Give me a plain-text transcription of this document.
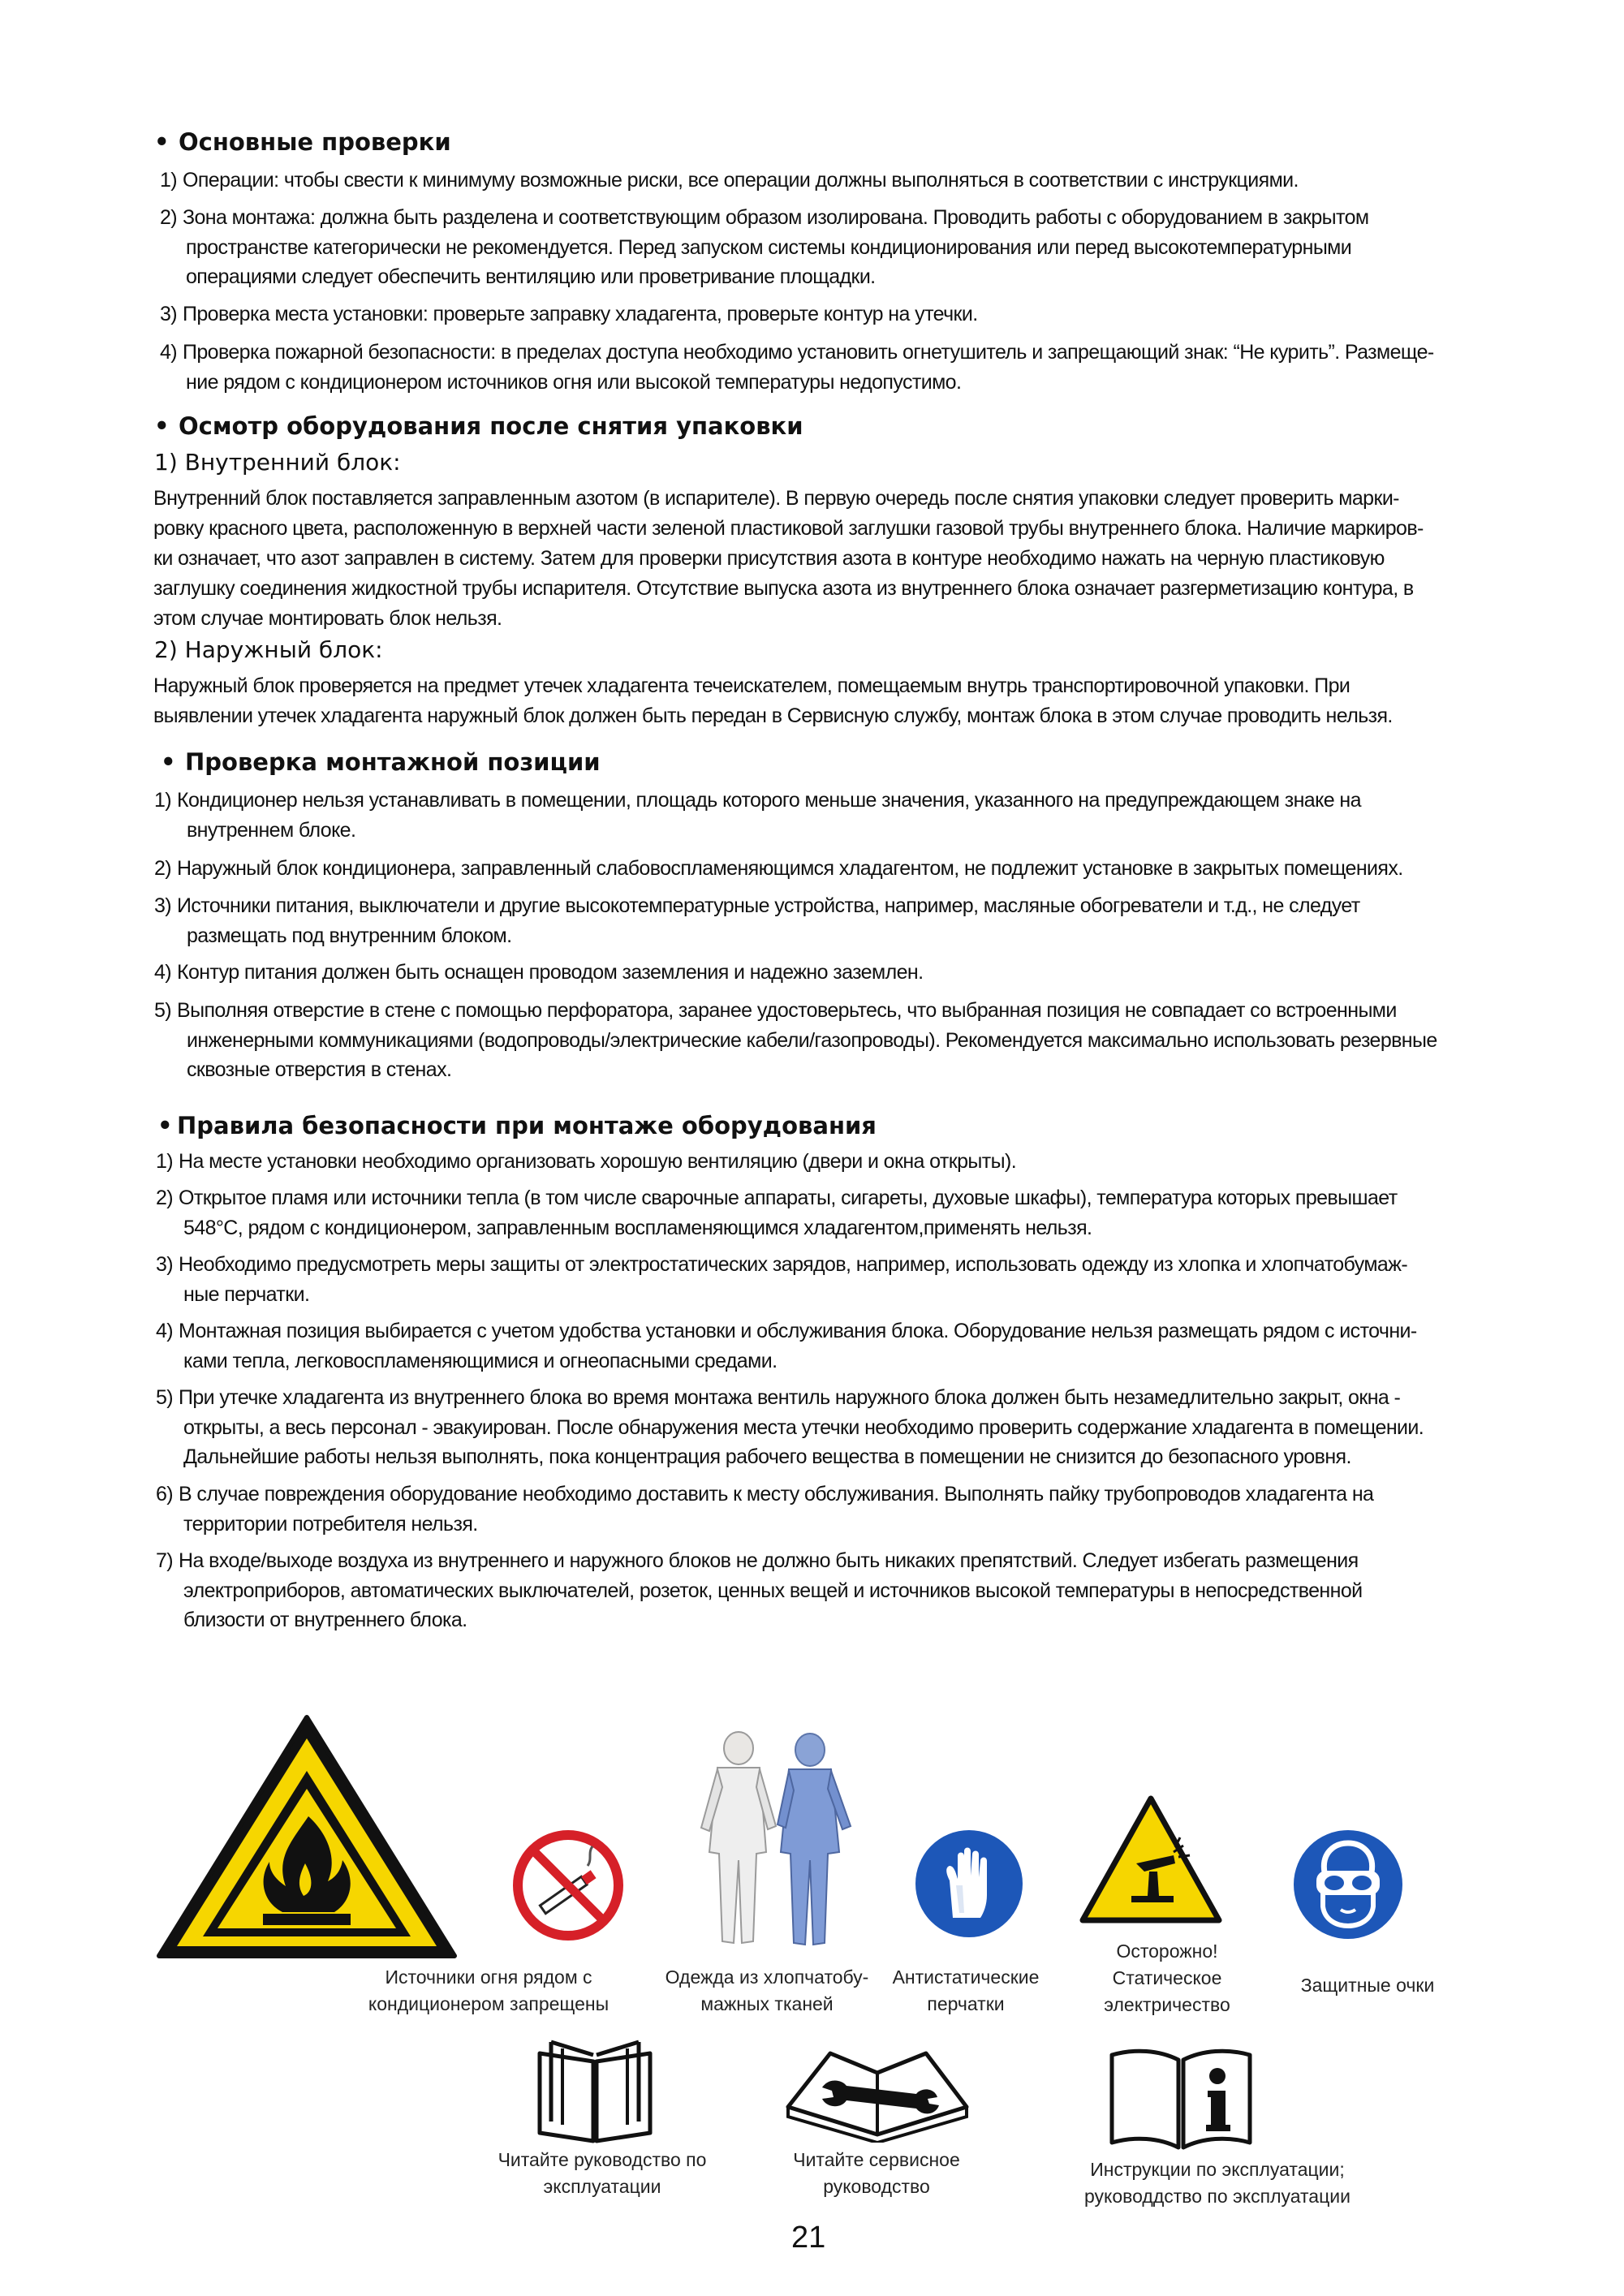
• Основные проверки
1) Операции: чтобы свести к минимуму возможные риски, все операции должны выполняться в соответствии с инструкциями.
2) Зона монтажа: должна быть разделена и соответствующим образом изолирована. Проводить работы с оборудованием в закрытом
пространстве категорически не рекомендуется. Перед запуском системы кондиционирования или перед высокотемпературными
операциями следует обеспечить вентиляцию или проветривание площадки.
3) Проверка места установки: проверьте заправку хладагента, проверьте контур на утечки.
4) Проверка пожарной безопасности: в пределах доступа необходимо установить огнетушитель и запрещающий знак: “Не курить”. Размеще-
ние рядом с кондиционером источников огня или высокой температуры недопустимо.
• Осмотр оборудования после снятия упаковки
1) Внутренний блок:
Внутренний блок поставляется заправленным азотом (в испарителе). В первую очередь после снятия упаковки следует проверить марки-
ровку красного цвета, расположенную в верхней части зеленой пластиковой заглушки газовой трубы внутреннего блока. Наличие маркиров-
ки означает, что азот заправлен в систему. Затем для проверки присутствия азота в контуре необходимо нажать на черную пластиковую
заглушку соединения жидкостной трубы испарителя. Отсутствие выпуска азота из внутреннего блока означает разгерметизацию контура, в
этом случае монтировать блок нельзя.
2) Наружный блок:
Наружный блок проверяется на предмет утечек хладагента течеискателем, помещаемым внутрь транспортировочной упаковки. При
выявлении утечек хладагента наружный блок должен быть передан в Сервисную службу, монтаж блока в этом случае проводить нельзя.
• Проверка монтажной позиции
1) Кондиционер нельзя устанавливать в помещении, площадь которого меньше значения, указанного на предупреждающем знаке на
внутреннем блоке.
2) Наружный блок кондиционера, заправленный слабовоспламеняющимся хладагентом, не подлежит установке в закрытых помещениях.
3) Источники питания, выключатели и другие высокотемпературные устройства, например, масляные обогреватели и т.д., не следует
размещать под внутренним блоком.
4) Контур питания должен быть оснащен проводом заземления и надежно заземлен.
5) Выполняя отверстие в стене с помощью перфоратора, заранее удостоверьтесь, что выбранная позиция не совпадает со встроенными
инженерными коммуникациями (водопроводы/электрические кабели/газопроводы). Рекомендуется максимально использовать резервные
сквозные отверстия в стенах.
• Правила безопасности при монтаже оборудования
1) На месте установки необходимо организовать хорошую вентиляцию (двери и окна открыты).
2) Открытое пламя или источники тепла (в том числе сварочные аппараты, сигареты, духовые шкафы), температура которых превышает
548°C, рядом с кондиционером, заправленным воспламеняющимся хладагентом,применять нельзя.
3) Необходимо предусмотреть меры защиты от электростатических зарядов, например, использовать одежду из хлопка и хлопчатобумаж-
ные перчатки.
4) Монтажная позиция выбирается с учетом удобства установки и обслуживания блока. Оборудование нельзя размещать рядом с источни-
ками тепла, легковоспламеняющимися и огнеопасными средами.
5) При утечке хладагента из внутреннего блока во время монтажа вентиль наружного блока должен быть незамедлительно закрыт, окна -
открыты, а весь персонал - эвакуирован. После обнаружения места утечки необходимо проверить содержание хладагента в помещении.
Дальнейшие работы нельзя выполнять, пока концентрация рабочего вещества в помещении не снизится до безопасного уровня.
6) В случае повреждения оборудование необходимо доставить к месту обслуживания. Выполнять пайку трубопроводов хладагента на
территории потребителя нельзя.
7) На входе/выходе воздуха из внутреннего и наружного блоков не должно быть никаких препятствий. Следует избегать размещения
электроприборов, автоматических выключателей, розеток, ценных вещей и источников высокой температуры в непосредственной
близости от внутреннего блока.
Источники огня рядом с
кондиционером запрещены
Одежда из хлопчатобу-
мажных тканей
Антистатические
перчатки
Осторожно!
Статическое
электричество
Защитные очки
Читайте руководство по
эксплуатации
Читайте сервисное
руководство
Инструкции по эксплуатации;
руководдство по эксплуатации
21
